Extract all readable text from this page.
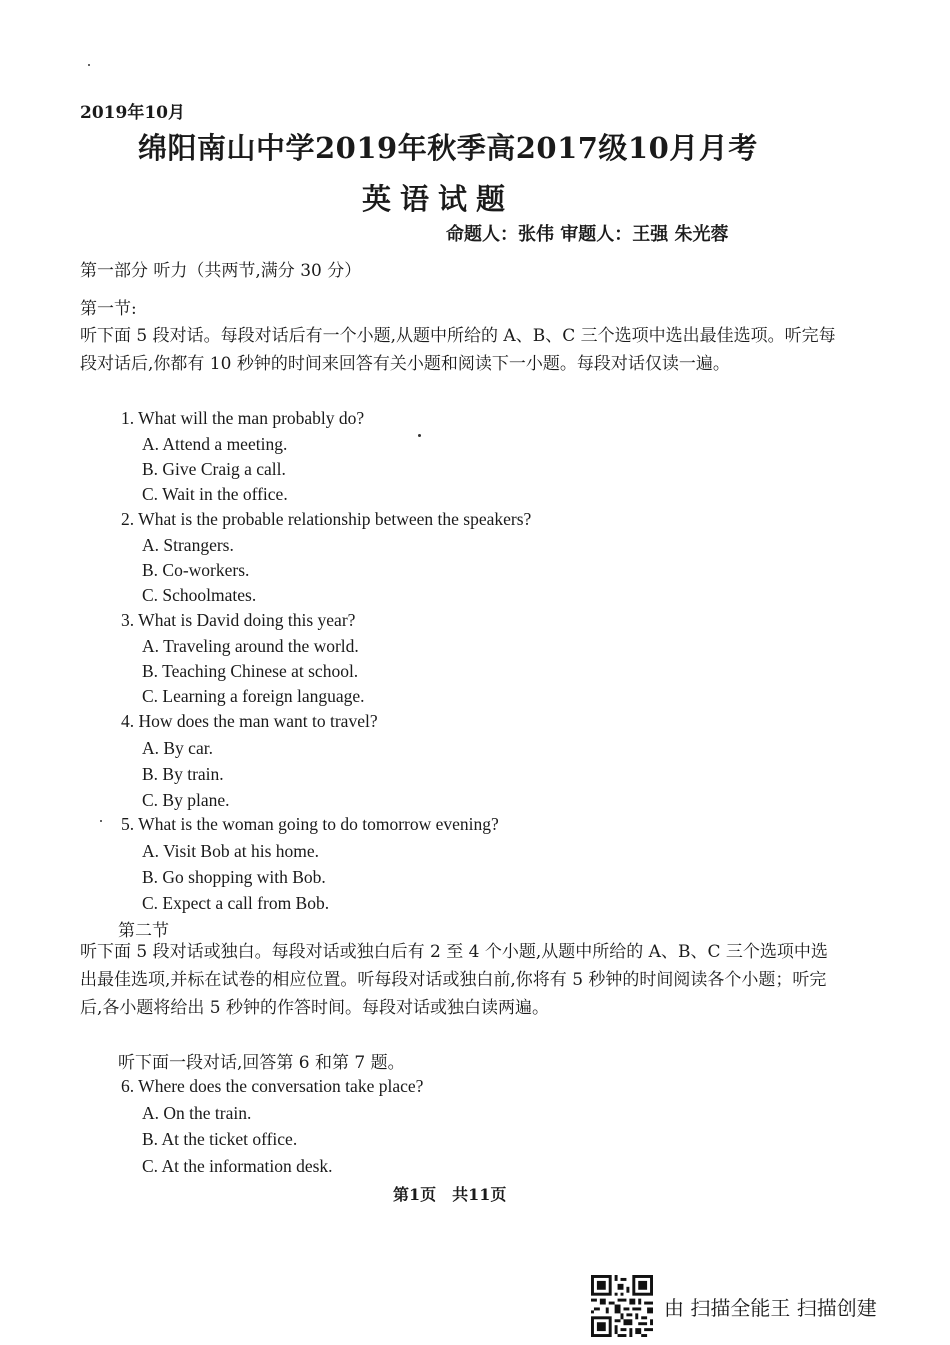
2019年10月
绵阳南山中学2019年秋季高2017级10月月考
英语试题
命题人：张伟 审题人：王强 朱光蓉
第一部分 听力（共两节,满分 30 分）
第一节:
听下面 5 段对话。每段对话后有一个小题,从题中所给的 A、B、C 三个选项中选出最佳选项。听完每段对话后,你都有 10 秒钟的时间来回答有关小题和阅读下一小题。每段对话仅读一遍。
1. What will the man probably do?
A. Attend a meeting.
B. Give Craig a call.
C. Wait in the office.
2. What is the probable relationship between the speakers?
A. Strangers.
B. Co-workers.
C. Schoolmates.
3. What is David doing this year?
A. Traveling around the world.
B. Teaching Chinese at school.
C. Learning a foreign language.
4. How does the man want to travel?
A. By car.
B. By train.
C. By plane.
5. What is the woman going to do tomorrow evening?
A. Visit Bob at his home.
B. Go shopping with Bob.
C. Expect a call from Bob.
第二节
听下面 5 段对话或独白。每段对话或独白后有 2 至 4 个小题,从题中所给的 A、B、C 三个选项中选出最佳选项,并标在试卷的相应位置。听每段对话或独白前,你将有 5 秒钟的时间阅读各个小题；听完后,各小题将给出 5 秒钟的作答时间。每段对话或独白读两遍。
听下面一段对话,回答第 6 和第 7 题。
6. Where does the conversation take place?
A. On the train.
B. At the ticket office.
C. At the information desk.
第1页　共11页
由 扫描全能王 扫描创建
